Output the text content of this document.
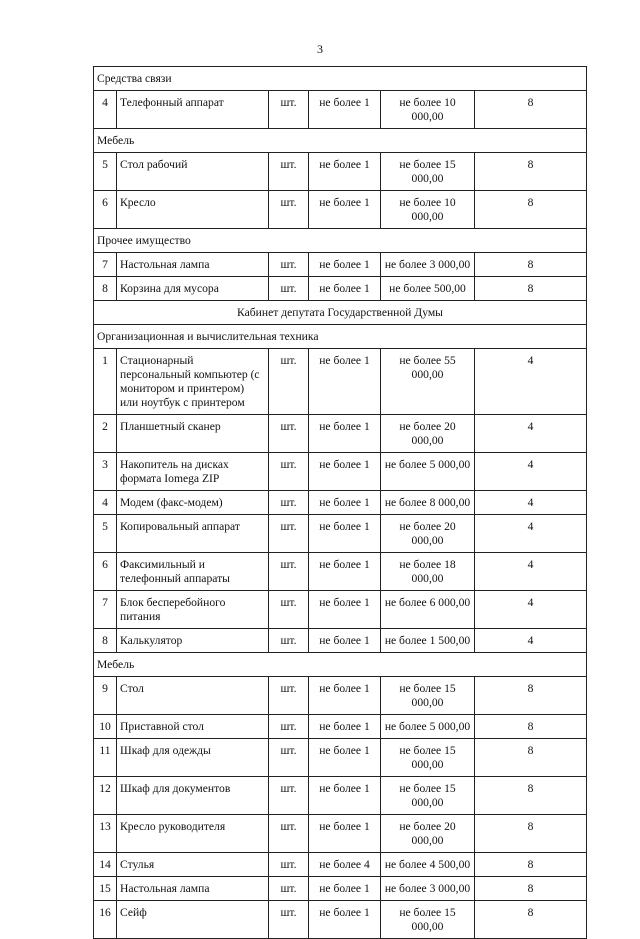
3
Средства связи					
4	Телефонный аппарат	шт.	не более 1	не более 10 000,00	8
Мебель					
5	Стол рабочий	шт.	не более 1	не более 15 000,00	8
6	Кресло	шт.	не более 1	не более 10 000,00	8
Прочее имущество					
7	Настольная лампа	шт.	не более 1	не более 3 000,00	8
8	Корзина для мусора	шт.	не более 1	не более 500,00	8
Кабинет депутата Государственной Думы					
Организационная и вычислительная техника					
1	Стационарный персональный компьютер (с монитором и принтером) или ноутбук с принтером	шт.	не более 1	не более 55 000,00	4
2	Планшетный сканер	шт.	не более 1	не более 20 000,00	4
3	Накопитель на дисках формата Iomega ZIP	шт.	не более 1	не более 5 000,00	4
4	Модем (факс-модем)	шт.	не более 1	не более 8 000,00	4
5	Копировальный аппарат	шт.	не более 1	не более 20 000,00	4
6	Факсимильный и телефонный аппараты	шт.	не более 1	не более 18 000,00	4
7	Блок бесперебойного питания	шт.	не более 1	не более 6 000,00	4
8	Калькулятор	шт.	не более 1	не более 1 500,00	4
Мебель					
9	Стол	шт.	не более 1	не более 15 000,00	8
10	Приставной стол	шт.	не более 1	не более 5 000,00	8
11	Шкаф для одежды	шт.	не более 1	не более 15 000,00	8
12	Шкаф для документов	шт.	не более 1	не более 15 000,00	8
13	Кресло руководителя	шт.	не более 1	не более 20 000,00	8
14	Стулья	шт.	не более 4	не более 4 500,00	8
15	Настольная лампа	шт.	не более 1	не более 3 000,00	8
16	Сейф	шт.	не более 1	не более 15 000,00	8
